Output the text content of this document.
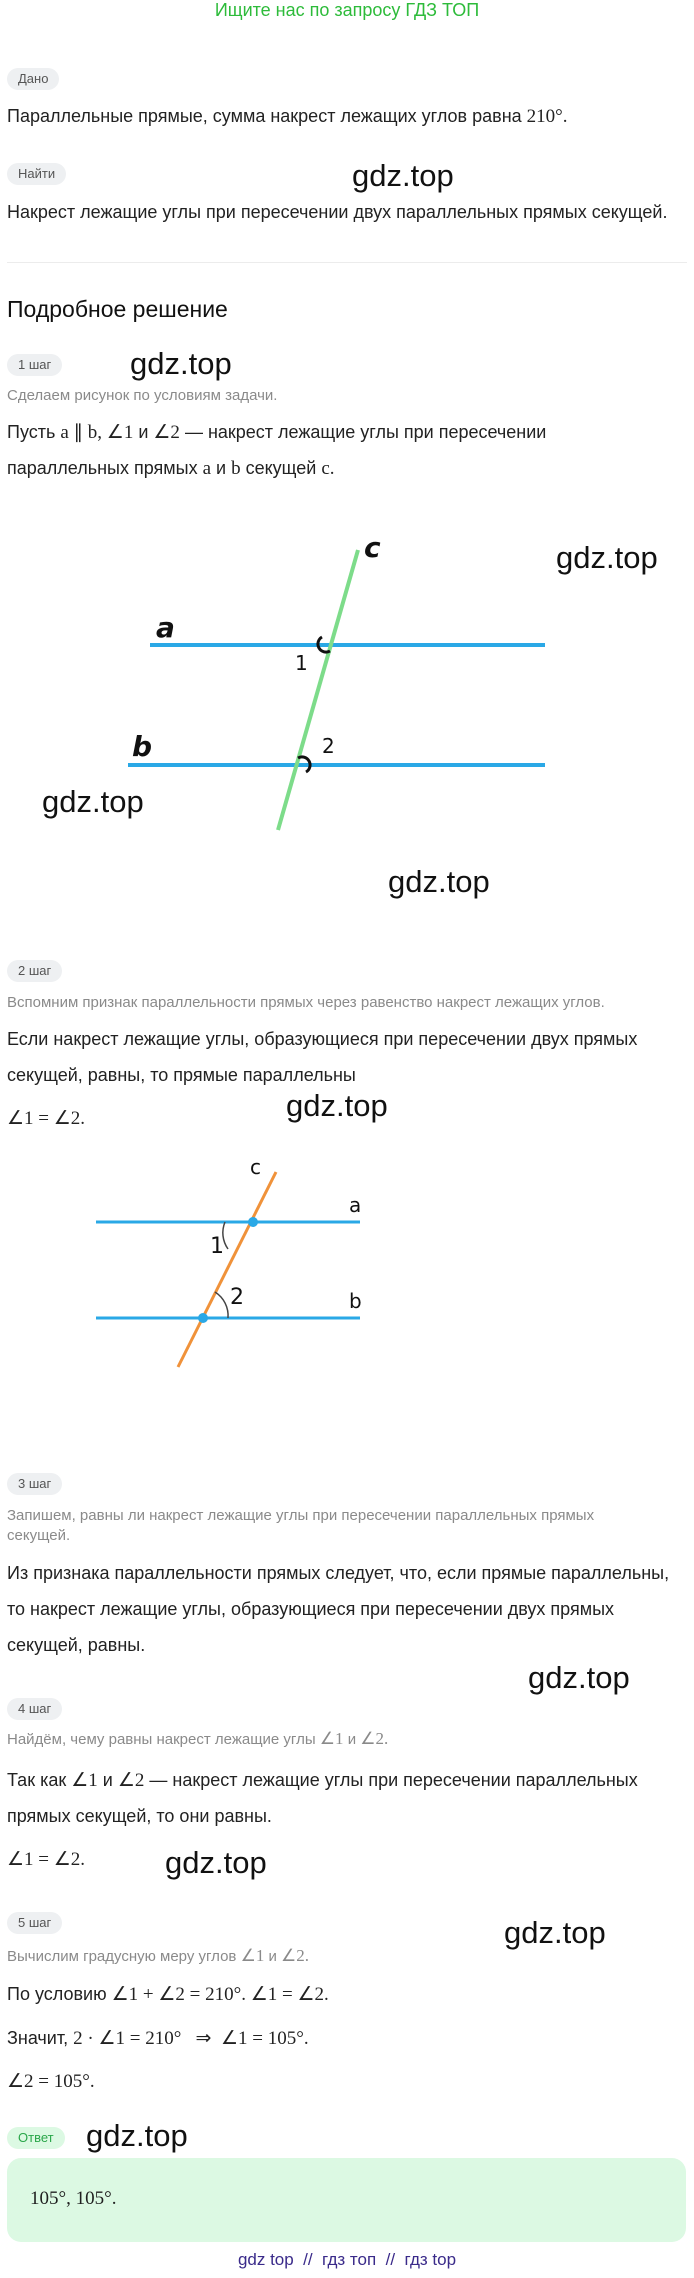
Ищите нас по запросу ГДЗ ТОП
Дано
Параллельные прямые, сумма накрест лежащих углов равна 210°.
Найти	gdz.top
Накрест лежащие углы при пересечении двух параллельных прямых секущей.
Подробное решение
1 шаг	gdz.top
Сделаем рисунок по условиям задачи.
Пусть a ∥ b, ∠1 и ∠2 — накрест лежащие углы при пересечении
параллельных прямых a и b секущей c.
a
b
c
1
2
gdz.top
gdz.top
gdz.top
2 шаг
Вспомним признак параллельности прямых через равенство накрест лежащих углов.
Если накрест лежащие углы, образующиеся при пересечении двух прямых
секущей, равны, то прямые параллельны
∠1 = ∠2.	gdz.top
a
b
c
1
2
3 шаг
Запишем, равны ли накрест лежащие углы при пересечении параллельных прямых
секущей.
Из признака параллельности прямых следует, что, если прямые параллельны,
то накрест лежащие углы, образующиеся при пересечении двух прямых
секущей, равны.
gdz.top
4 шаг
Найдём, чему равны накрест лежащие углы ∠1 и ∠2.
Так как ∠1 и ∠2 — накрест лежащие углы при пересечении параллельных
прямых секущей, то они равны.
∠1 = ∠2.	gdz.top
5 шаг	gdz.top
Вычислим градусную меру углов ∠1 и ∠2.
По условию ∠1 + ∠2 = 210°. ∠1 = ∠2.
Значит, 2 · ∠1 = 210°   ⇒  ∠1 = 105°.
∠2 = 105°.
Ответ	gdz.top
105°, 105°.
gdz top  //  гдз топ  //  гдз top
